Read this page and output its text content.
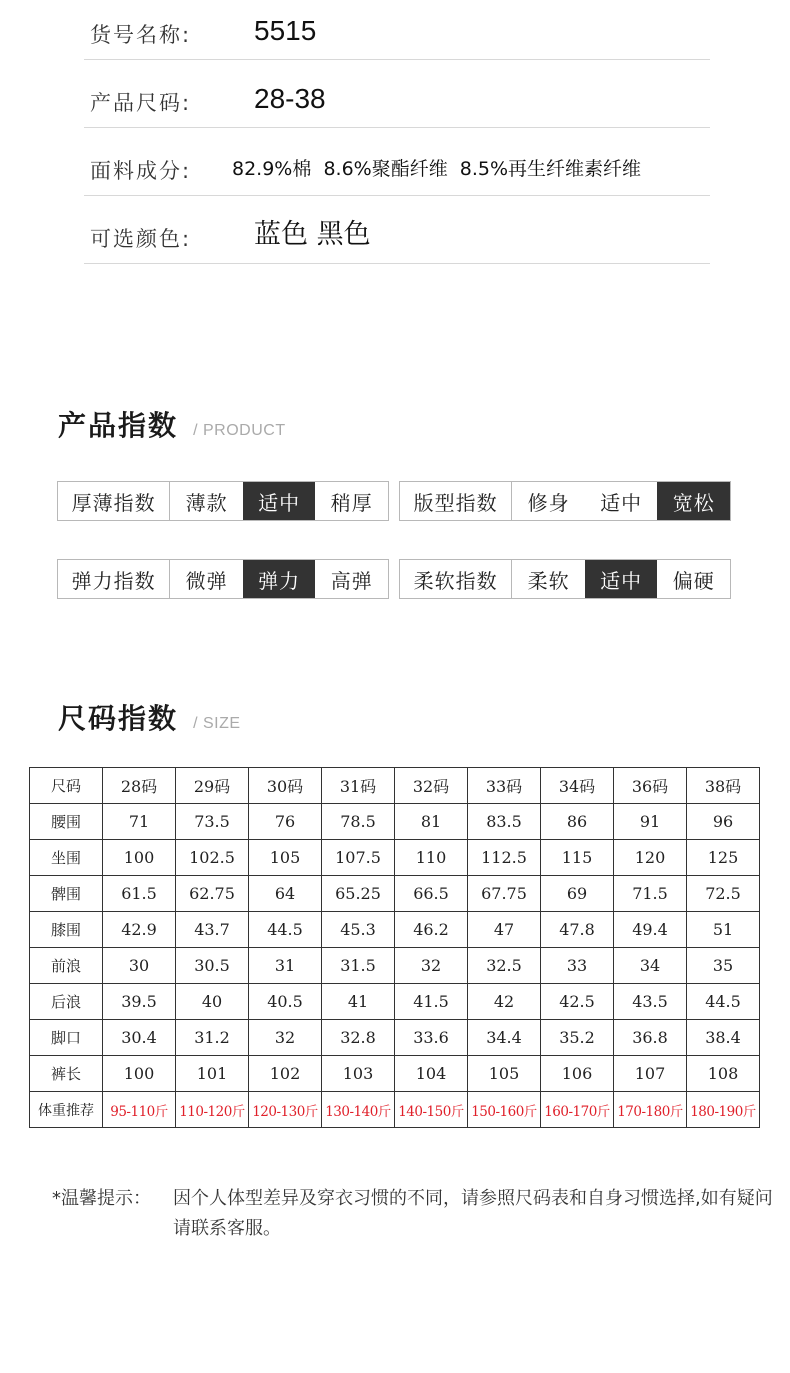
货号名称: 5515
产品尺码: 28-38
面料成分: 82.9%棉  8.6%聚酯纤维  8.5%再生纤维素纤维
可选颜色: 蓝色 黑色
产品指数 / PRODUCT
厚薄指数	薄款	适中	稍厚	版型指数	修身	适中	宽松
弹力指数	微弹	弹力	高弹	柔软指数	柔软	适中	偏硬
尺码指数 / SIZE
尺码	28码	29码	30码	31码	32码	33码	34码	36码	38码
腰围	71	73.5	76	78.5	81	83.5	86	91	96
坐围	100	102.5	105	107.5	110	112.5	115	120	125
髀围	61.5	62.75	64	65.25	66.5	67.75	69	71.5	72.5
膝围	42.9	43.7	44.5	45.3	46.2	47	47.8	49.4	51
前浪	30	30.5	31	31.5	32	32.5	33	34	35
后浪	39.5	40	40.5	41	41.5	42	42.5	43.5	44.5
脚口	30.4	31.2	32	32.8	33.6	34.4	35.2	36.8	38.4
裤长	100	101	102	103	104	105	106	107	108
体重推荐	95-110斤	110-120斤	120-130斤	130-140斤	140-150斤	150-160斤	160-170斤	170-180斤	180-190斤
*温馨提示： 因个人体型差异及穿衣习惯的不同，请参照尺码表和自身习惯选择,如有疑问请联系客服。
